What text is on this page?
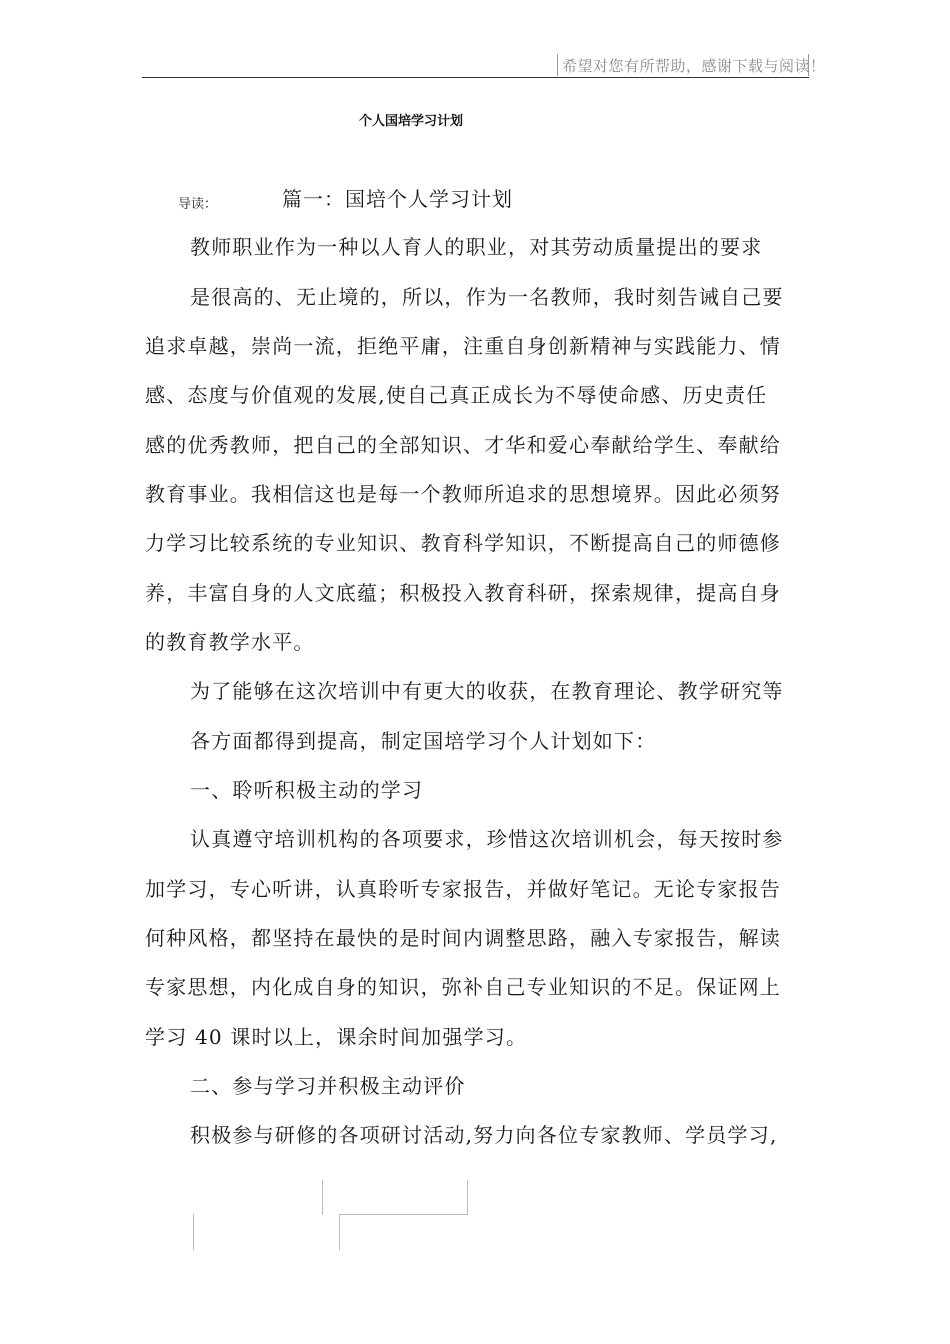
希望对您有所帮助，感谢下载与阅读！
个人国培学习计划
导读：	篇一：国培个人学习计划
教师职业作为一种以人育人的职业，对其劳动质量提出的要求
是很高的、无止境的，所以，作为一名教师，我时刻告诫自己要
追求卓越，崇尚一流，拒绝平庸，注重自身创新精神与实践能力、情
感、态度与价值观的发展,使自己真正成长为不辱使命感、历史责任
感的优秀教师，把自己的全部知识、才华和爱心奉献给学生、奉献给
教育事业。我相信这也是每一个教师所追求的思想境界。因此必须努
力学习比较系统的专业知识、教育科学知识，不断提高自己的师德修
养，丰富自身的人文底蕴；积极投入教育科研，探索规律，提高自身
的教育教学水平。
为了能够在这次培训中有更大的收获，在教育理论、教学研究等
各方面都得到提高，制定国培学习个人计划如下：
一、聆听积极主动的学习
认真遵守培训机构的各项要求，珍惜这次培训机会，每天按时参
加学习，专心听讲，认真聆听专家报告，并做好笔记。无论专家报告
何种风格，都坚持在最快的是时间内调整思路，融入专家报告，解读
专家思想，内化成自身的知识，弥补自己专业知识的不足。保证网上
学习 40 课时以上，课余时间加强学习。
二、参与学习并积极主动评价
积极参与研修的各项研讨活动,努力向各位专家教师、学员学习,
